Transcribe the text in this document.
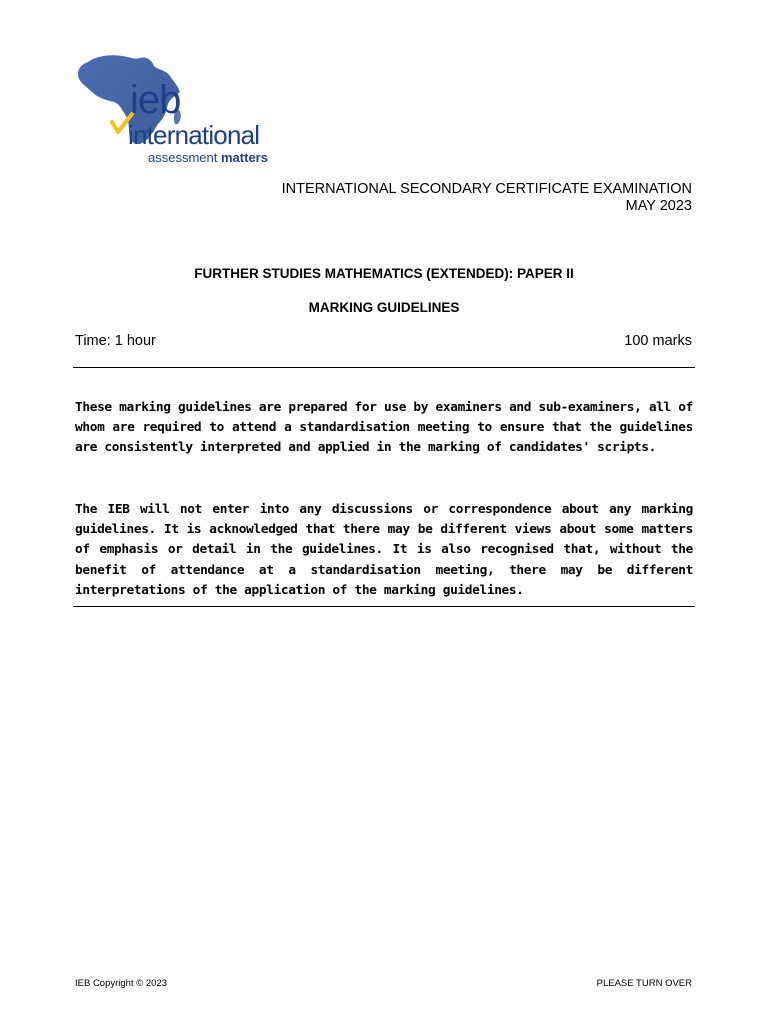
ieb
international
assessment matters
INTERNATIONAL SECONDARY CERTIFICATE EXAMINATION
MAY 2023
FURTHER STUDIES MATHEMATICS (EXTENDED): PAPER II
MARKING GUIDELINES
Time: 1 hour	100 marks

These marking guidelines are prepared for use by examiners and sub-examiners, all of whom are required to attend a standardisation meeting to ensure that the guidelines are consistently interpreted and applied in the marking of candidates' scripts.

The IEB will not enter into any discussions or correspondence about any marking guidelines. It is acknowledged that there may be different views about some matters of emphasis or detail in the guidelines. It is also recognised that, without the benefit of attendance at a standardisation meeting, there may be different interpretations of the application of the marking guidelines.

IEB Copyright © 2023	PLEASE TURN OVER
